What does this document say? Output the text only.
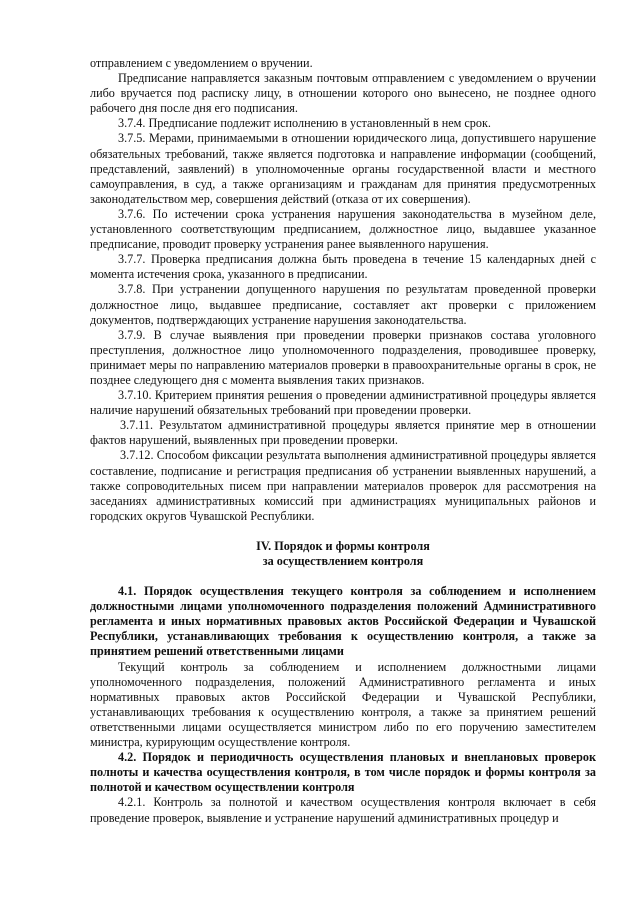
отправлением с уведомлением о вручении.

Предписание направляется заказным почтовым отправлением с уведомлением о вручении либо вручается под расписку лицу, в отношении которого оно вынесено, не позднее одного рабочего дня после дня его подписания.

3.7.4. Предписание подлежит исполнению в установленный в нем срок.

3.7.5. Мерами, принимаемыми в отношении юридического лица, допустившего нарушение обязательных требований, также является подготовка и направление информации (сообщений, представлений, заявлений) в уполномоченные органы государственной власти и местного самоуправления, в суд, а также организациям и гражданам для принятия предусмотренных законодательством мер, совершения действий (отказа от их совершения).

3.7.6. По истечении срока устранения нарушения законодательства в музейном деле, установленного соответствующим предписанием, должностное лицо, выдавшее указанное предписание, проводит проверку устранения ранее выявленного нарушения.

3.7.7. Проверка предписания должна быть проведена в течение 15 календарных дней с момента истечения срока, указанного в предписании.

3.7.8. При устранении допущенного нарушения по результатам проведенной проверки должностное лицо, выдавшее предписание, составляет акт проверки с приложением документов, подтверждающих устранение нарушения законодательства.

3.7.9. В случае выявления при проведении проверки признаков состава уголовного преступления, должностное лицо уполномоченного подразделения, проводившее проверку, принимает меры по направлению материалов проверки в правоохранительные органы в срок, не позднее следующего дня с момента выявления таких признаков.

3.7.10. Критерием принятия решения о проведении административной процедуры является наличие нарушений обязательных требований при проведении проверки.

3.7.11. Результатом административной процедуры является принятие мер в отношении фактов нарушений, выявленных при проведении проверки.

3.7.12. Способом фиксации результата выполнения административной процедуры является составление, подписание и регистрация предписания об устранении выявленных нарушений, а также сопроводительных писем при направлении материалов проверок для рассмотрения на заседаниях административных комиссий при администрациях муниципальных районов и городских округов Чувашской Республики.

IV. Порядок и формы контроля

за осуществлением контроля

4.1. Порядок осуществления текущего контроля за соблюдением и исполнением должностными лицами уполномоченного подразделения положений Административного регламента и иных нормативных правовых актов Российской Федерации и Чувашской Республики, устанавливающих требования к осуществлению контроля, а также за принятием решений ответственными лицами

Текущий контроль за соблюдением и исполнением должностными лицами уполномоченного подразделения, положений Административного регламента и иных нормативных правовых актов Российской Федерации и Чувашской Республики, устанавливающих требования к осуществлению контроля, а также за принятием решений ответственными лицами осуществляется министром либо по его поручению заместителем министра, курирующим осуществление контроля.

4.2. Порядок и периодичность осуществления плановых и внеплановых проверок полноты и качества осуществления контроля, в том числе порядок и формы контроля за полнотой и качеством осуществлении контроля

4.2.1. Контроль за полнотой и качеством осуществления контроля включает в себя проведение проверок, выявление и устранение нарушений административных процедур и
